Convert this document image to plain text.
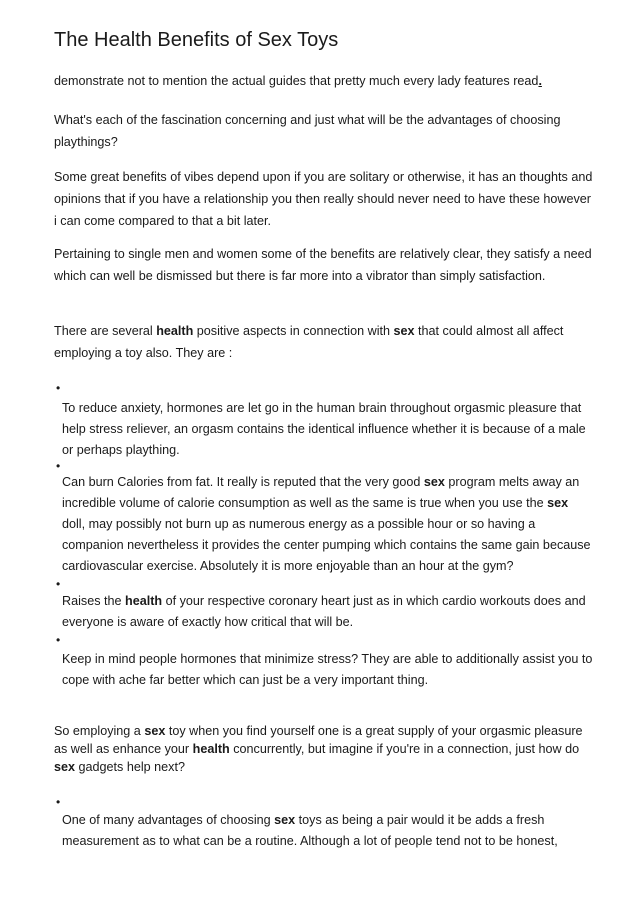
The Health Benefits of Sex Toys

demonstrate not to mention the actual guides that pretty much every lady features read.

What's each of the fascination concerning and just what will be the advantages of choosing playthings?

Some great benefits of vibes depend upon if you are solitary or otherwise, it has an thoughts and opinions that if you have a relationship you then really should never need to have these however i can come compared to that a bit later.

Pertaining to single men and women some of the benefits are relatively clear, they satisfy a need which can well be dismissed but there is far more into a vibrator than simply satisfaction.

There are several health positive aspects in connection with sex that could almost all affect employing a toy also. They are :

•

To reduce anxiety, hormones are let go in the human brain throughout orgasmic pleasure that help stress reliever, an orgasm contains the identical influence whether it is because of a male or perhaps plaything.

•

Can burn Calories from fat. It really is reputed that the very good sex program melts away an incredible volume of calorie consumption as well as the same is true when you use the sex doll, may possibly not burn up as numerous energy as a possible hour or so having a companion nevertheless it provides the center pumping which contains the same gain because cardiovascular exercise. Absolutely it is more enjoyable than an hour at the gym?

•

Raises the health of your respective coronary heart just as in which cardio workouts does and everyone is aware of exactly how critical that will be.

•

Keep in mind people hormones that minimize stress? They are able to additionally assist you to cope with ache far better which can just be a very important thing.

So employing a sex toy when you find yourself one is a great supply of your orgasmic pleasure as well as enhance your health concurrently, but imagine if you're in a connection, just how do sex gadgets help next?

•

One of many advantages of choosing sex toys as being a pair would it be adds a fresh measurement as to what can be a routine. Although a lot of people tend not to be honest,
